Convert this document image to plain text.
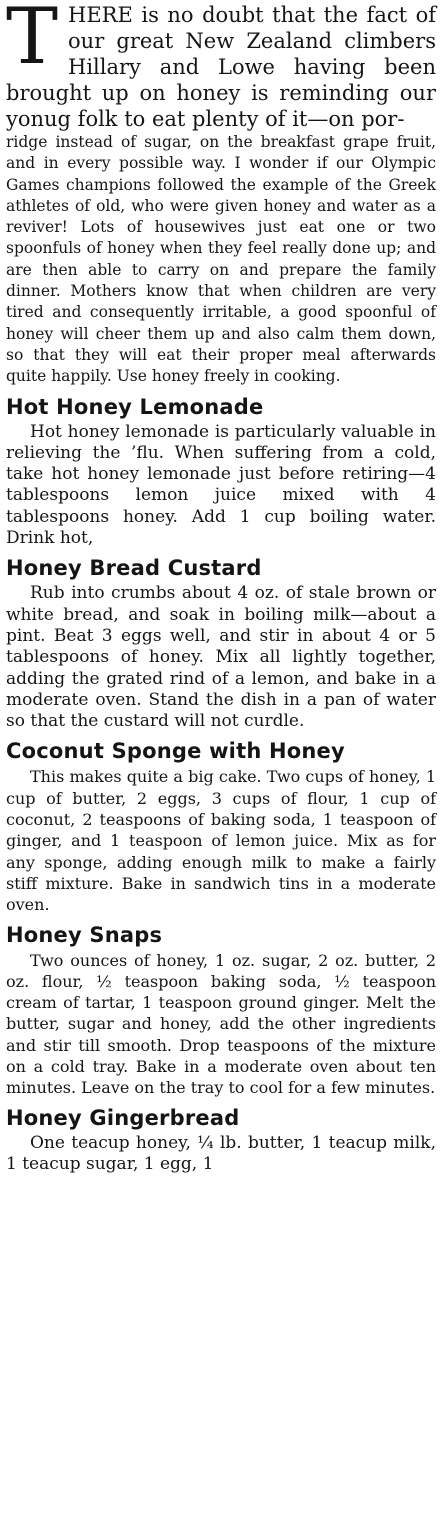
THERE is no doubt that the fact of our great New Zealand climbers Hillary and Lowe having been brought up on honey is reminding our yonug folk to eat plenty of it—on por-
ridge instead of sugar, on the breakfast grape fruit, and in every possible way. I wonder if our Olympic Games champions followed the example of the Greek athletes of old, who were given honey and water as a reviver! Lots of housewives just eat one or two spoonfuls of honey when they feel really done up; and are then able to carry on and prepare the family dinner. Mothers know that when children are very tired and consequently irritable, a good spoonful of honey will cheer them up and also calm them down, so that they will eat their proper meal afterwards quite happily. Use honey freely in cooking.

Hot Honey Lemonade

Hot honey lemonade is particularly valuable in relieving the ’flu. When suffering from a cold, take hot honey lemonade just before retiring—4 tablespoons lemon juice mixed with 4 tablespoons honey. Add 1 cup boiling water. Drink hot,

Honey Bread Custard

Rub into crumbs about 4 oz. of stale brown or white bread, and soak in boiling milk—about a pint. Beat 3 eggs well, and stir in about 4 or 5 tablespoons of honey. Mix all lightly together, adding the grated rind of a lemon, and bake in a moderate oven. Stand the dish in a pan of water so that the custard will not curdle.

Coconut Sponge with Honey

This makes quite a big cake. Two cups of honey, 1 cup of butter, 2 eggs, 3 cups of flour, 1 cup of coconut, 2 teaspoons of baking soda, 1 teaspoon of ginger, and 1 teaspoon of lemon juice. Mix as for any sponge, adding enough milk to make a fairly stiff mixture. Bake in sandwich tins in a moderate oven.

Honey Snaps

Two ounces of honey, 1 oz. sugar, 2 oz. butter, 2 oz. flour, ½ teaspoon baking soda, ½ teaspoon cream of tartar, 1 teaspoon ground ginger. Melt the butter, sugar and honey, add the other ingredients and stir till smooth. Drop teaspoons of the mixture on a cold tray. Bake in a moderate oven about ten minutes. Leave on the tray to cool for a few minutes.

Honey Gingerbread

One teacup honey, ¼ lb. butter, 1 teacup milk, 1 teacup sugar, 1 egg, 1
